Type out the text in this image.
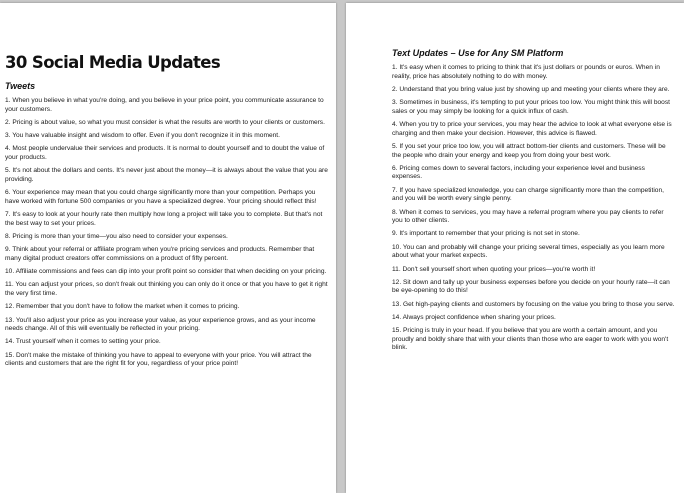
30 Social Media Updates
Tweets
1. When you believe in what you're doing, and you believe in your price point, you communicate assurance to your customers.
2. Pricing is about value, so what you must consider is what the results are worth to your clients or customers.
3. You have valuable insight and wisdom to offer. Even if you don't recognize it in this moment.
4. Most people undervalue their services and products. It is normal to doubt yourself and to doubt the value of your products.
5. It's not about the dollars and cents. It's never just about the money—it is always about the value that you are providing.
6. Your experience may mean that you could charge significantly more than your competition. Perhaps you have worked with fortune 500 companies or you have a specialized degree. Your pricing should reflect this!
7. It's easy to look at your hourly rate then multiply how long a project will take you to complete. But that's not the best way to set your prices.
8. Pricing is more than your time—you also need to consider your expenses.
9. Think about your referral or affiliate program when you're pricing services and products. Remember that many digital product creators offer commissions on a product of fifty percent.
10. Affiliate commissions and fees can dip into your profit point so consider that when deciding on your pricing.
11. You can adjust your prices, so don't freak out thinking you can only do it once or that you have to get it right the very first time.
12. Remember that you don't have to follow the market when it comes to pricing.
13. You'll also adjust your price as you increase your value, as your experience grows, and as your income needs change. All of this will eventually be reflected in your pricing.
14. Trust yourself when it comes to setting your price.
15. Don't make the mistake of thinking you have to appeal to everyone with your price. You will attract the clients and customers that are the right fit for you, regardless of your price point!
Text Updates – Use for Any SM Platform
1. It's easy when it comes to pricing to think that it's just dollars or pounds or euros. When in reality, price has absolutely nothing to do with money.
2. Understand that you bring value just by showing up and meeting your clients where they are.
3. Sometimes in business, it's tempting to put your prices too low. You might think this will boost sales or you may simply be looking for a quick influx of cash.
4. When you try to price your services, you may hear the advice to look at what everyone else is charging and then make your decision. However, this advice is flawed.
5. If you set your price too low, you will attract bottom-tier clients and customers. These will be the people who drain your energy and keep you from doing your best work.
6. Pricing comes down to several factors, including your experience level and business expenses.
7. If you have specialized knowledge, you can charge significantly more than the competition, and you will be worth every single penny.
8. When it comes to services, you may have a referral program where you pay clients to refer you to other clients.
9. It's important to remember that your pricing is not set in stone.
10. You can and probably will change your pricing several times, especially as you learn more about what your market expects.
11. Don't sell yourself short when quoting your prices—you're worth it!
12. Sit down and tally up your business expenses before you decide on your hourly rate—it can be eye-opening to do this!
13. Get high-paying clients and customers by focusing on the value you bring to those you serve.
14. Always project confidence when sharing your prices.
15. Pricing is truly in your head. If you believe that you are worth a certain amount, and you proudly and boldly share that with your clients than those who are eager to work with you won't blink.
